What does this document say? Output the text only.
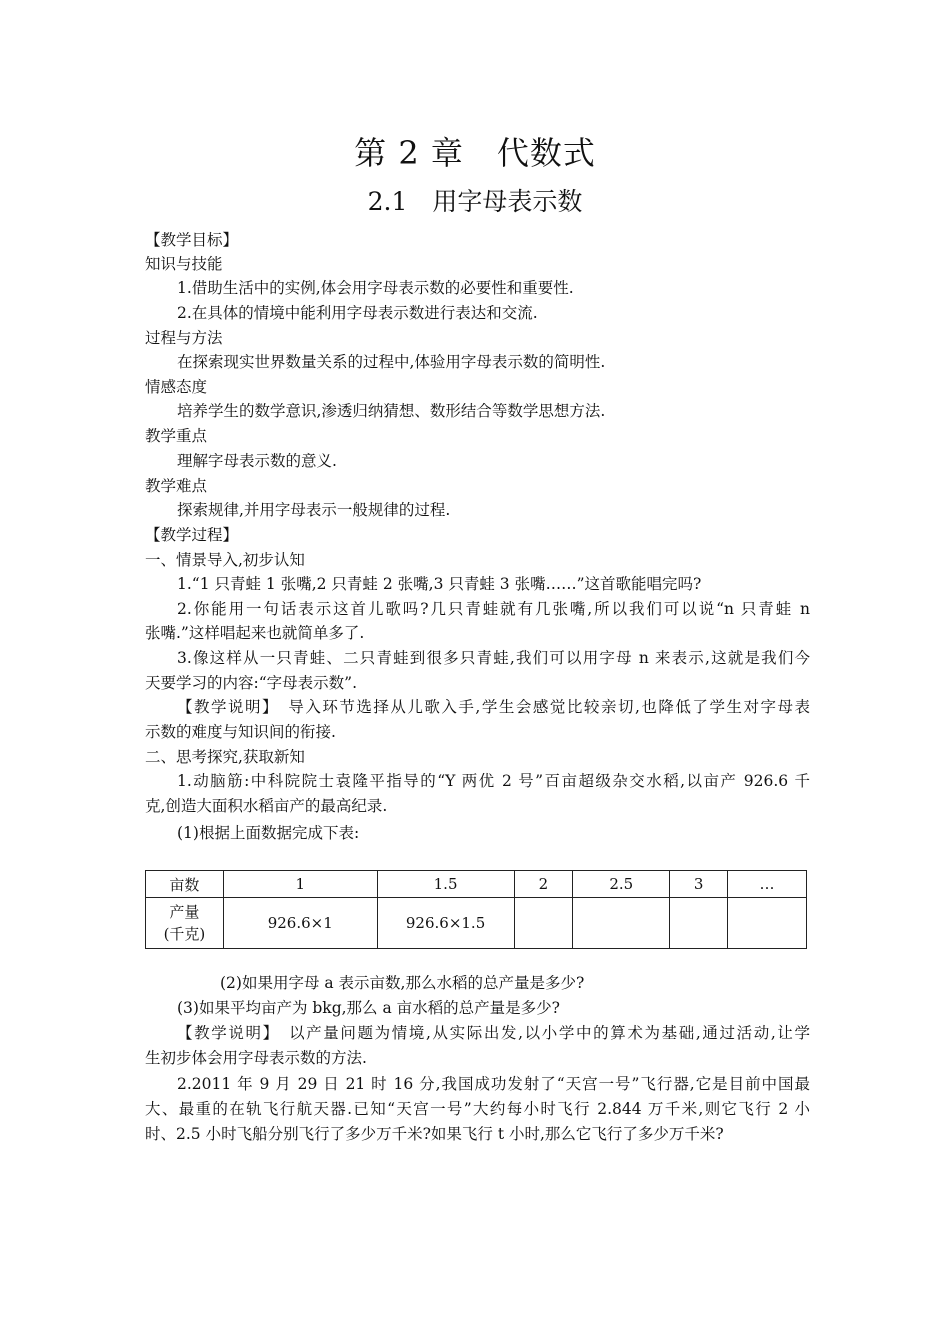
第 2 章　代数式
2.1　用字母表示数
【教学目标】
知识与技能
1.借助生活中的实例,体会用字母表示数的必要性和重要性.
2.在具体的情境中能利用字母表示数进行表达和交流.
过程与方法
在探索现实世界数量关系的过程中,体验用字母表示数的简明性.
情感态度
培养学生的数学意识,渗透归纳猜想、数形结合等数学思想方法.
教学重点
理解字母表示数的意义.
教学难点
探索规律,并用字母表示一般规律的过程.
【教学过程】
一、情景导入,初步认知
1.“1 只青蛙 1 张嘴,2 只青蛙 2 张嘴,3 只青蛙 3 张嘴……”这首歌能唱完吗?
2.你能用一句话表示这首儿歌吗?几只青蛙就有几张嘴,所以我们可以说“n 只青蛙 n
张嘴.”这样唱起来也就简单多了.
3.像这样从一只青蛙、二只青蛙到很多只青蛙,我们可以用字母 n 来表示,这就是我们今
天要学习的内容:“字母表示数”.
【教学说明】　导入环节选择从儿歌入手,学生会感觉比较亲切,也降低了学生对字母表
示数的难度与知识间的衔接.
二、思考探究,获取新知
1.动脑筋:中科院院士袁隆平指导的“Y 两优 2 号”百亩超级杂交水稻,以亩产 926.6 千
克,创造大面积水稻亩产的最高纪录.
(1)根据上面数据完成下表:
亩数	1	1.5	2	2.5	3	…

产量
(千克)	926.6×1	926.6×1.5				
(2)如果用字母 a 表示亩数,那么水稻的总产量是多少?
(3)如果平均亩产为 bkg,那么 a 亩水稻的总产量是多少?
【教学说明】　以产量问题为情境,从实际出发,以小学中的算术为基础,通过活动,让学
生初步体会用字母表示数的方法.
2.2011 年 9 月 29 日 21 时 16 分,我国成功发射了“天宫一号”飞行器,它是目前中国最
大、最重的在轨飞行航天器.已知“天宫一号”大约每小时飞行 2.844 万千米,则它飞行 2 小
时、2.5 小时飞船分别飞行了多少万千米?如果飞行 t 小时,那么它飞行了多少万千米?
